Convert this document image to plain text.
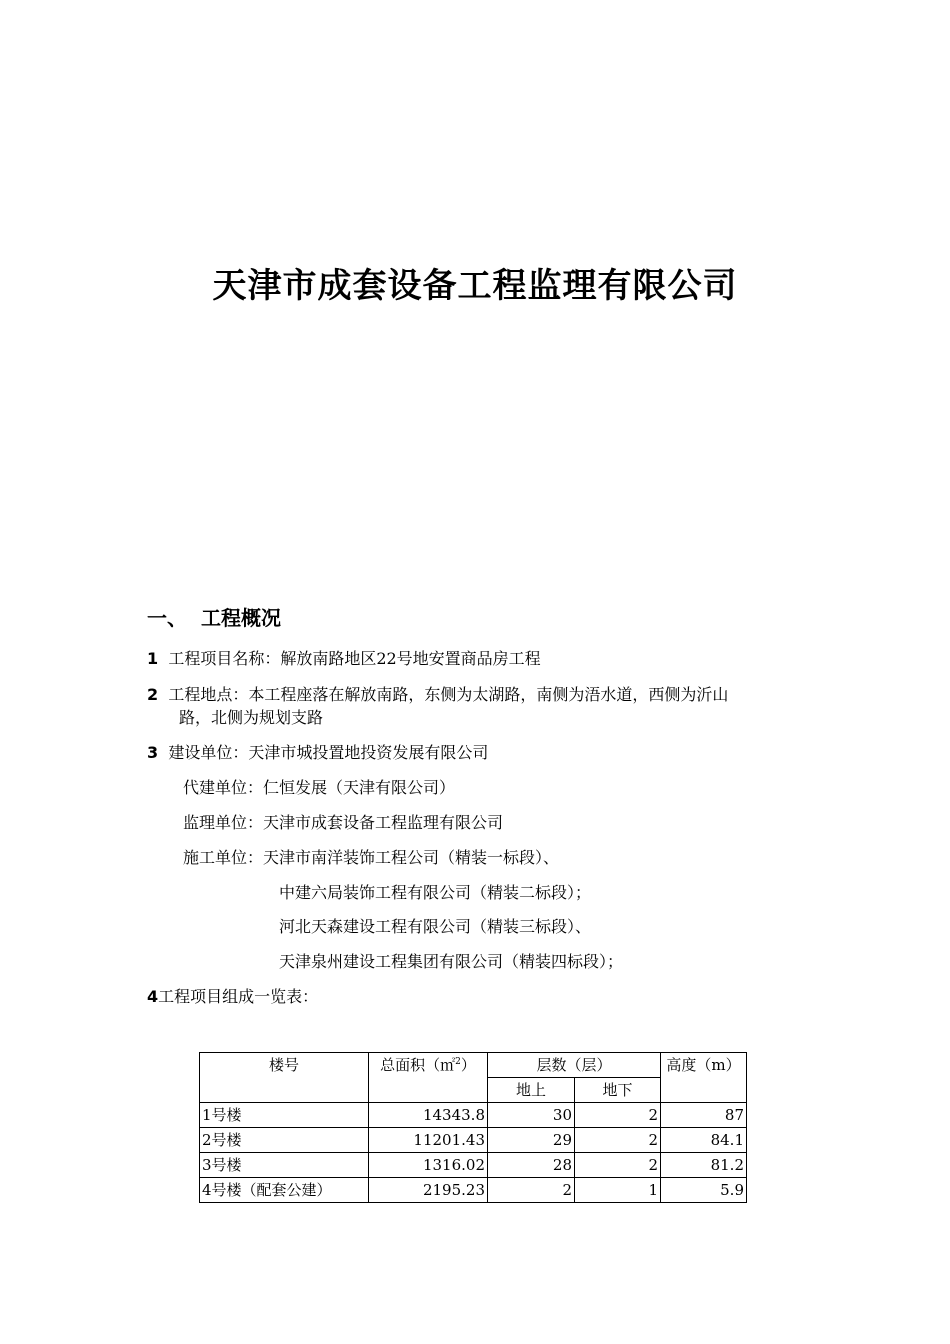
天津市成套设备工程监理有限公司
一、 工程概况

1 工程项目名称：解放南路地区22号地安置商品房工程

2 工程地点：本工程座落在解放南路，东侧为太湖路，南侧为浯水道，西侧为沂山

路，北侧为规划支路

3 建设单位：天津市城投置地投资发展有限公司

代建单位：仁恒发展（天津有限公司）

监理单位：天津市成套设备工程监理有限公司

施工单位：天津市南洋装饰工程公司（精装一标段）、

中建六局装饰工程有限公司（精装二标段）；

河北天森建设工程有限公司（精装三标段）、

天津泉州建设工程集团有限公司（精装四标段）；

4工程项目组成一览表：

楼号	总面积（㎡$^2$）	层数（层）		高度（m）
		地上	地下	
1号楼	14343.8	30	2	87
2号楼	11201.43	29	2	84.1
3号楼	1316.02	28	2	81.2
4号楼（配套公建）	2195.23	2	1	5.9
